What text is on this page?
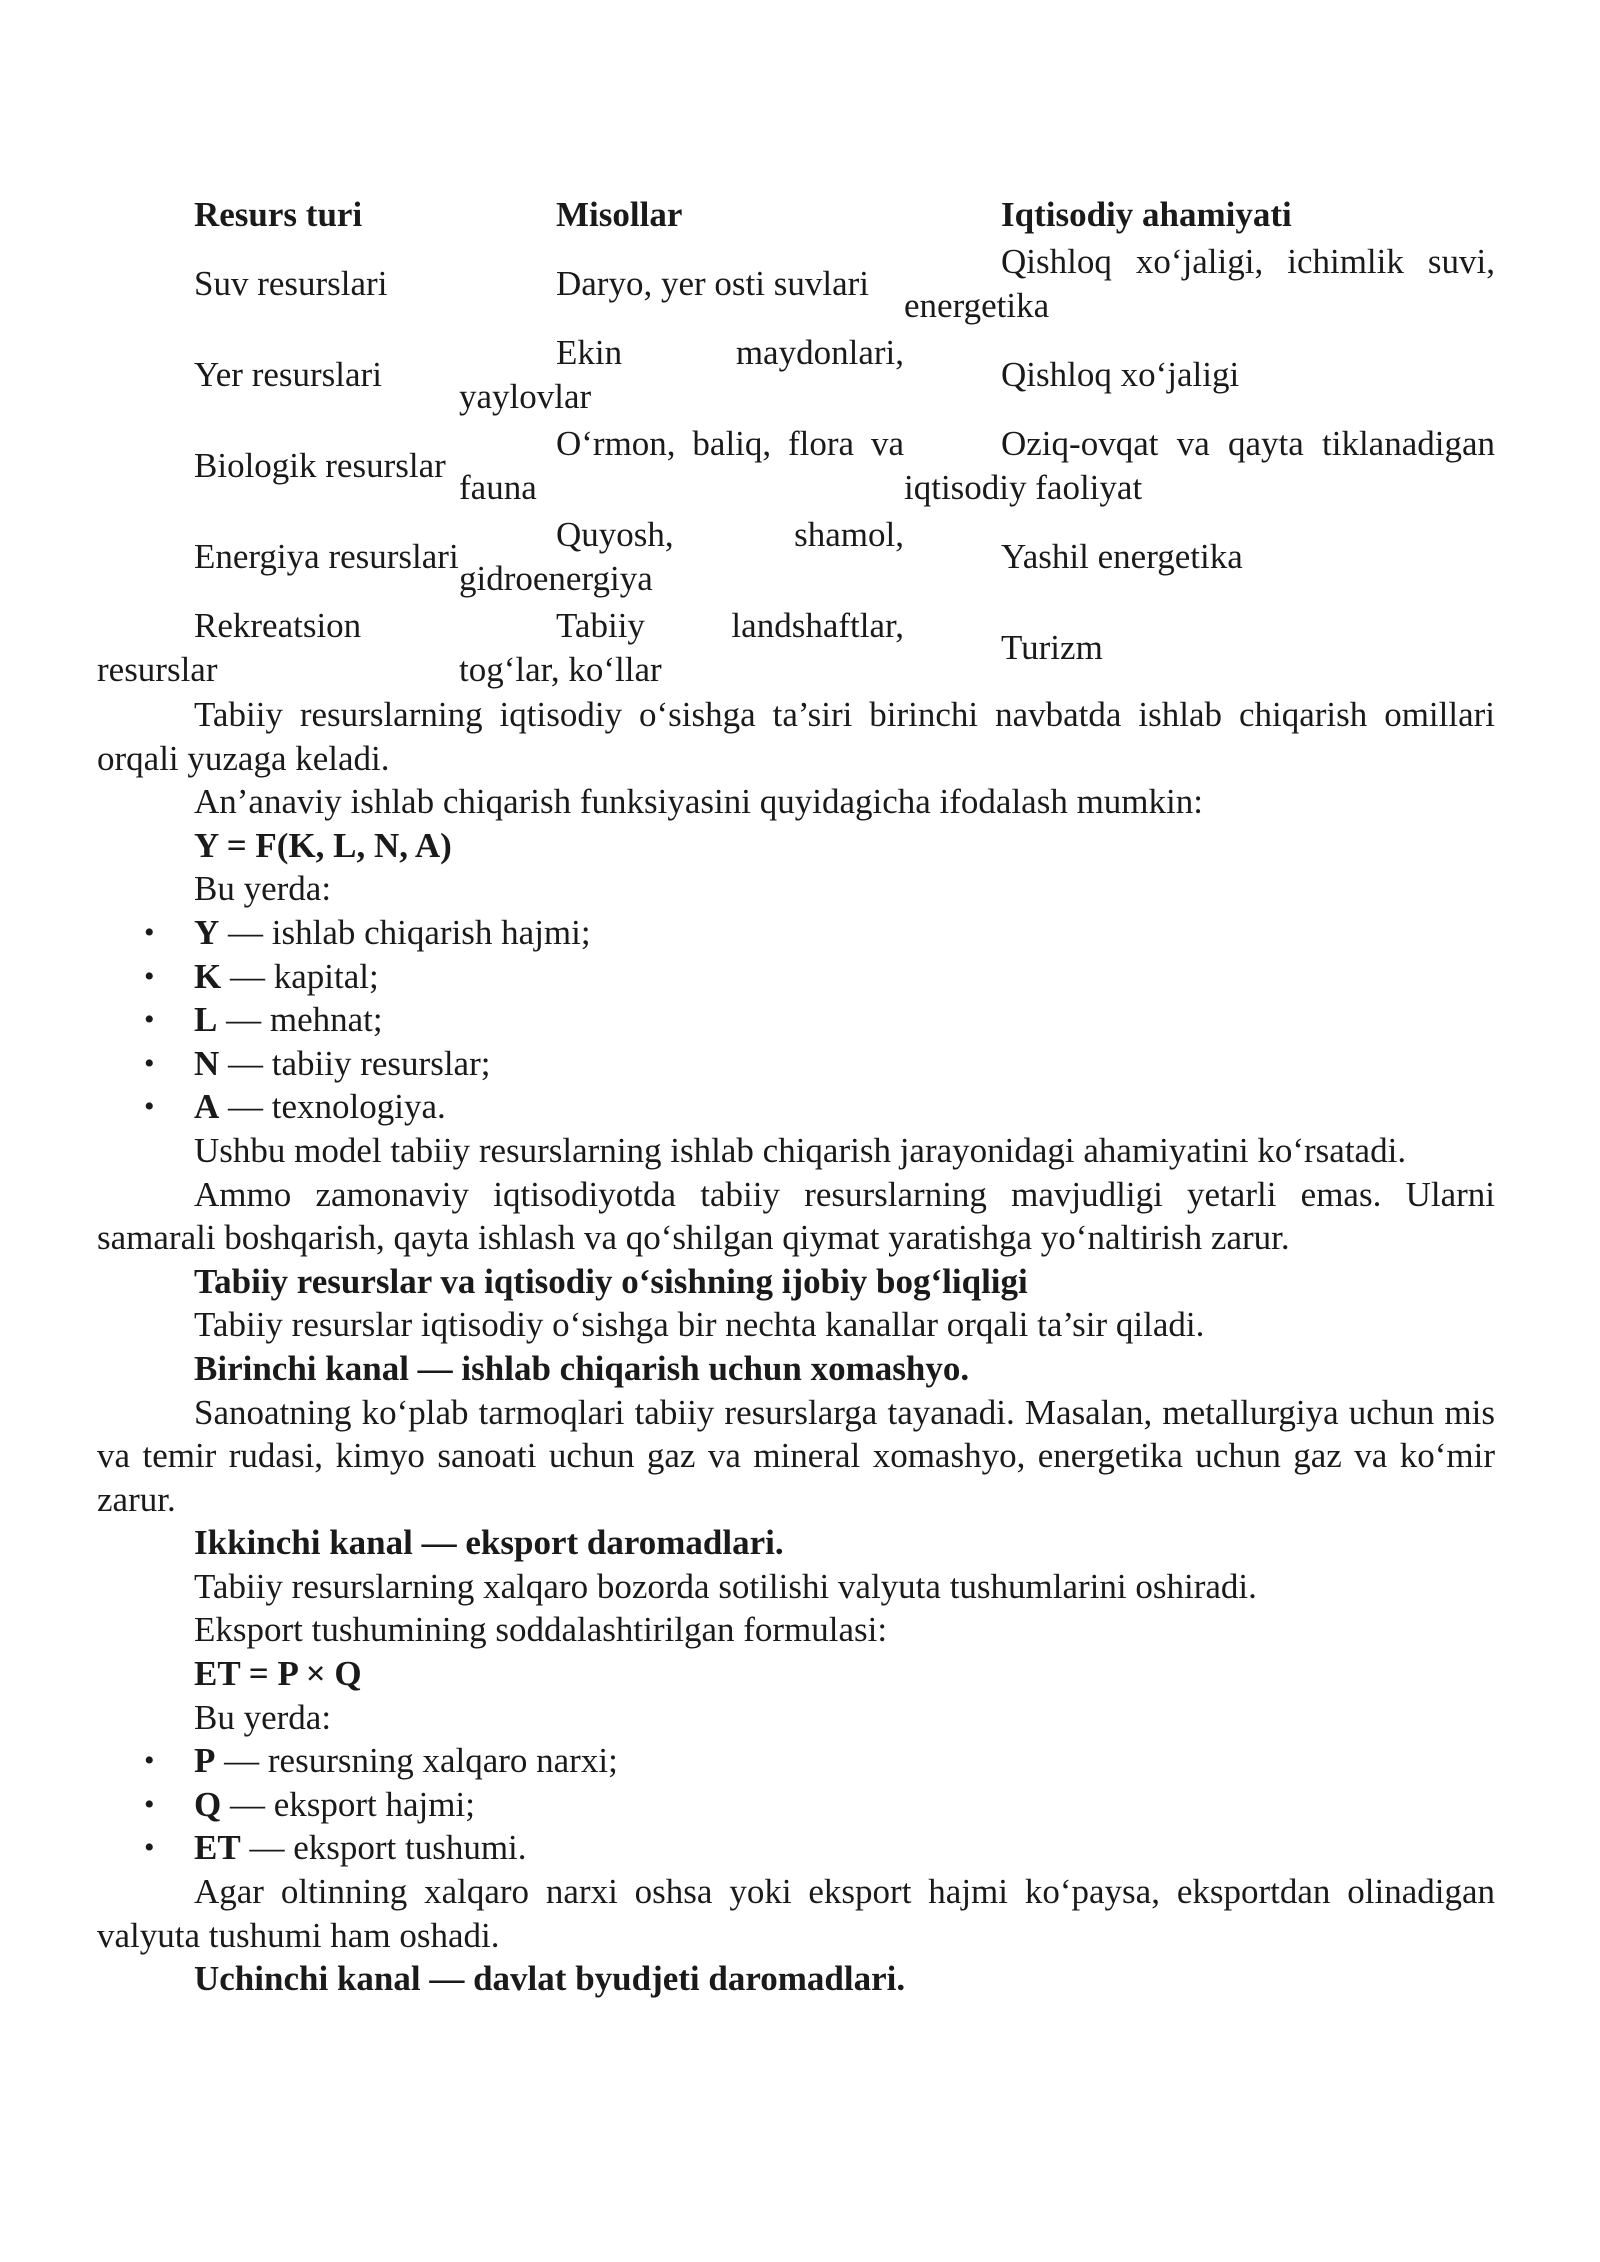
Resurs turi	Misollar	Iqtisodiy ahamiyati
Suv resurslari	Daryo, yer osti suvlari	Qishloq xo‘jaligi, ichimlik suvi, energetika
Yer resurslari	Ekin maydonlari, yaylovlar	Qishloq xo‘jaligi
Biologik resurslar	O‘rmon, baliq, flora va fauna	Oziq-ovqat va qayta tiklanadigan iqtisodiy faoliyat
Energiya resurslari	Quyosh, shamol, gidroenergiya	Yashil energetika
Rekreatsion resurslar	Tabiiy landshaftlar, tog‘lar, ko‘llar	Turizm

Tabiiy resurslarning iqtisodiy o‘sishga ta’siri birinchi navbatda ishlab chiqarish omillari orqali yuzaga keladi.

An’anaviy ishlab chiqarish funksiyasini quyidagicha ifodalash mumkin:

Y = F(K, L, N, A)

Bu yerda:

• Y — ishlab chiqarish hajmi;
• K — kapital;
• L — mehnat;
• N — tabiiy resurslar;
• A — texnologiya.

Ushbu model tabiiy resurslarning ishlab chiqarish jarayonidagi ahamiyatini ko‘rsatadi.

Ammo zamonaviy iqtisodiyotda tabiiy resurslarning mavjudligi yetarli emas. Ularni samarali boshqarish, qayta ishlash va qo‘shilgan qiymat yaratishga yo‘naltirish zarur.

Tabiiy resurslar va iqtisodiy o‘sishning ijobiy bog‘liqligi

Tabiiy resurslar iqtisodiy o‘sishga bir nechta kanallar orqali ta’sir qiladi.

Birinchi kanal — ishlab chiqarish uchun xomashyo.

Sanoatning ko‘plab tarmoqlari tabiiy resurslarga tayanadi. Masalan, metallurgiya uchun mis va temir rudasi, kimyo sanoati uchun gaz va mineral xomashyo, energetika uchun gaz va ko‘mir zarur.

Ikkinchi kanal — eksport daromadlari.

Tabiiy resurslarning xalqaro bozorda sotilishi valyuta tushumlarini oshiradi.

Eksport tushumining soddalashtirilgan formulasi:

ET = P × Q

Bu yerda:

• P — resursning xalqaro narxi;
• Q — eksport hajmi;
• ET — eksport tushumi.

Agar oltinning xalqaro narxi oshsa yoki eksport hajmi ko‘paysa, eksportdan olinadigan valyuta tushumi ham oshadi.

Uchinchi kanal — davlat byudjeti daromadlari.
